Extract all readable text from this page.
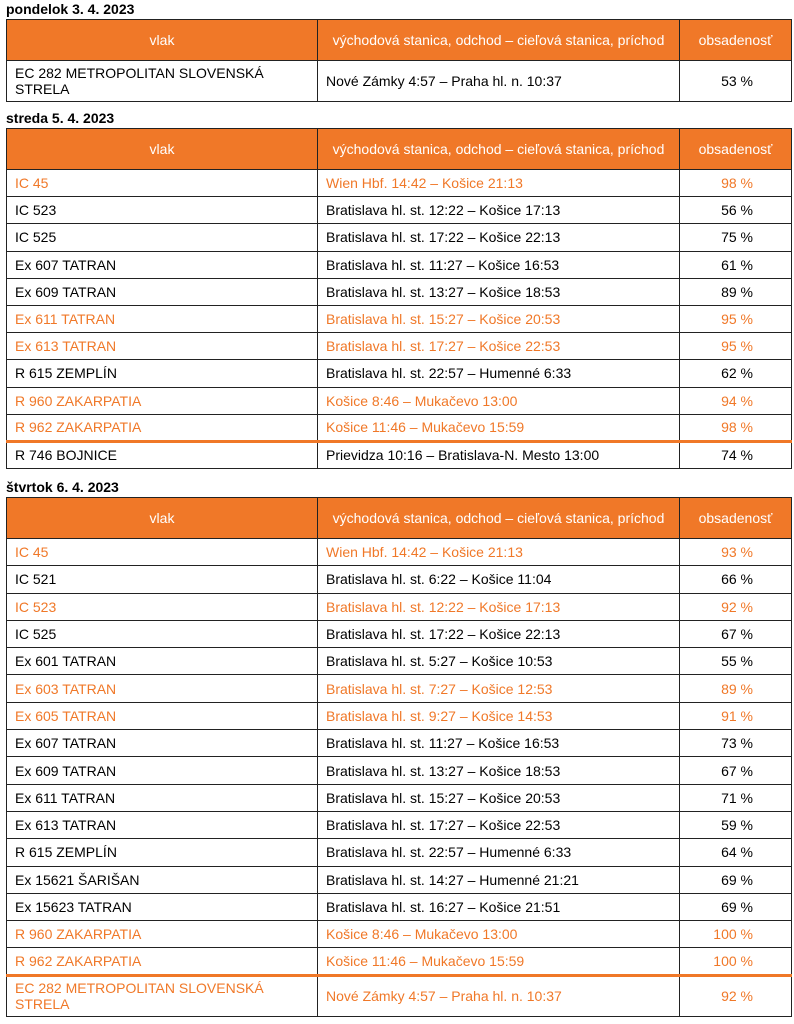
pondelok 3. 4. 2023
vlak	východová stanica, odchod – cieľová stanica, príchod	obsadenosť
EC 282 METROPOLITAN SLOVENSKÁ STRELA	Nové Zámky 4:57 – Praha hl. n. 10:37	53 %
streda 5. 4. 2023
vlak	východová stanica, odchod – cieľová stanica, príchod	obsadenosť
IC 45	Wien Hbf. 14:42 – Košice 21:13	98 %
IC 523	Bratislava hl. st. 12:22 – Košice 17:13	56 %
IC 525	Bratislava hl. st. 17:22 – Košice 22:13	75 %
Ex 607 TATRAN	Bratislava hl. st. 11:27 – Košice 16:53	61 %
Ex 609 TATRAN	Bratislava hl. st. 13:27 – Košice 18:53	89 %
Ex 611 TATRAN	Bratislava hl. st. 15:27 – Košice 20:53	95 %
Ex 613 TATRAN	Bratislava hl. st. 17:27 – Košice 22:53	95 %
R 615 ZEMPLÍN	Bratislava hl. st. 22:57 – Humenné 6:33	62 %
R 960 ZAKARPATIA	Košice 8:46 – Mukačevo 13:00	94 %
R 962 ZAKARPATIA	Košice 11:46 – Mukačevo 15:59	98 %
R 746 BOJNICE	Prievidza 10:16 – Bratislava-N. Mesto 13:00	74 %
štvrtok 6. 4. 2023
vlak	východová stanica, odchod – cieľová stanica, príchod	obsadenosť
IC 45	Wien Hbf. 14:42 – Košice 21:13	93 %
IC 521	Bratislava hl. st. 6:22 – Košice 11:04	66 %
IC 523	Bratislava hl. st. 12:22 – Košice 17:13	92 %
IC 525	Bratislava hl. st. 17:22 – Košice 22:13	67 %
Ex 601 TATRAN	Bratislava hl. st. 5:27 – Košice 10:53	55 %
Ex 603 TATRAN	Bratislava hl. st. 7:27 – Košice 12:53	89 %
Ex 605 TATRAN	Bratislava hl. st. 9:27 – Košice 14:53	91 %
Ex 607 TATRAN	Bratislava hl. st. 11:27 – Košice 16:53	73 %
Ex 609 TATRAN	Bratislava hl. st. 13:27 – Košice 18:53	67 %
Ex 611 TATRAN	Bratislava hl. st. 15:27 – Košice 20:53	71 %
Ex 613 TATRAN	Bratislava hl. st. 17:27 – Košice 22:53	59 %
R 615 ZEMPLÍN	Bratislava hl. st. 22:57 – Humenné 6:33	64 %
Ex 15621 ŠARIŠAN	Bratislava hl. st. 14:27 – Humenné 21:21	69 %
Ex 15623 TATRAN	Bratislava hl. st. 16:27 – Košice 21:51	69 %
R 960 ZAKARPATIA	Košice 8:46 – Mukačevo 13:00	100 %
R 962 ZAKARPATIA	Košice 11:46 – Mukačevo 15:59	100 %
EC 282 METROPOLITAN SLOVENSKÁ STRELA	Nové Zámky 4:57 – Praha hl. n. 10:37	92 %
